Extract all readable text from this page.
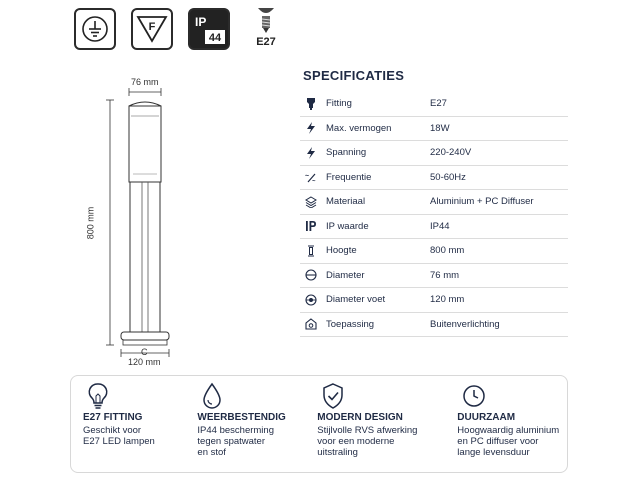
F	IP
44	E27
76 mm
800 mm
C
120 mm
SPECIFICATIES
Fitting	E27
Max. vermogen	18W
Spanning	220-240V
~
~	Frequentie	50-60Hz
Materiaal	Aluminium + PC Diffuser
IP waarde	IP44
Hoogte	800 mm
Diameter	76 mm
Diameter voet	120 mm
Toepassing	Buitenverlichting
E27 FITTING
Geschikt voor
E27 LED lampen
WEERBESTENDIG
IP44 bescherming
tegen spatwater
en stof
MODERN DESIGN
Stijlvolle RVS afwerking
voor een moderne
uitstraling
DUURZAAM
Hoogwaardig aluminium
en PC diffuser voor
lange levensduur
